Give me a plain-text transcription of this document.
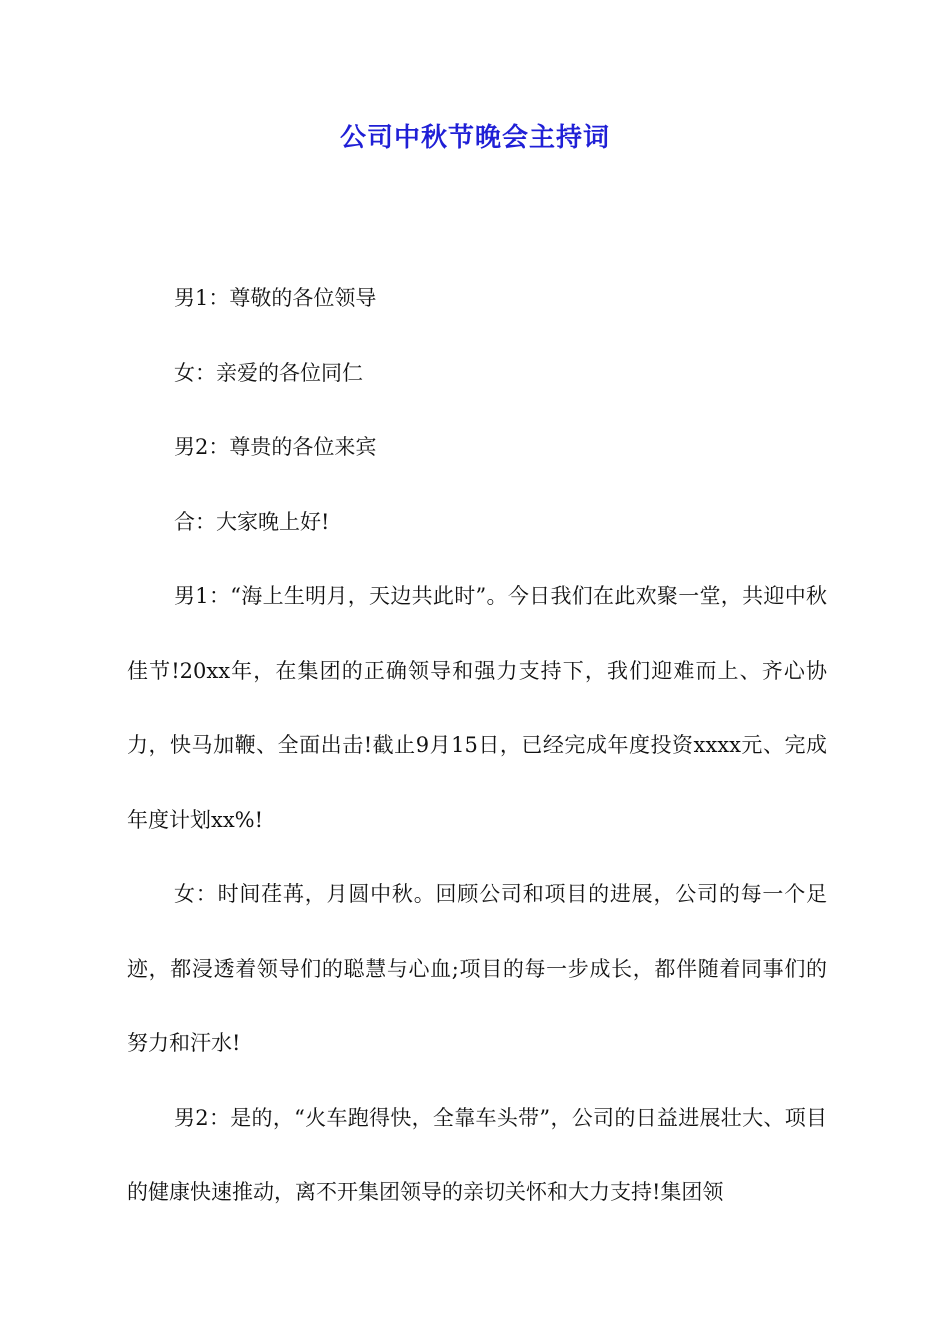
公司中秋节晚会主持词

男1：尊敬的各位领导

女：亲爱的各位同仁

男2：尊贵的各位来宾

合：大家晚上好!

男1：“海上生明月，天边共此时”。今日我们在此欢聚一堂，共迎中秋佳节!20xx年，在集团的正确领导和强力支持下，我们迎难而上、齐心协力，快马加鞭、全面出击!截止9月15日，已经完成年度投资xxxx元、完成年度计划xx%!

女：时间荏苒，月圆中秋。回顾公司和项目的进展，公司的每一个足迹，都浸透着领导们的聪慧与心血;项目的每一步成长，都伴随着同事们的努力和汗水!

男2：是的，“火车跑得快，全靠车头带”，公司的日益进展壮大、项目的健康快速推动，离不开集团领导的亲切关怀和大力支持!集团领
